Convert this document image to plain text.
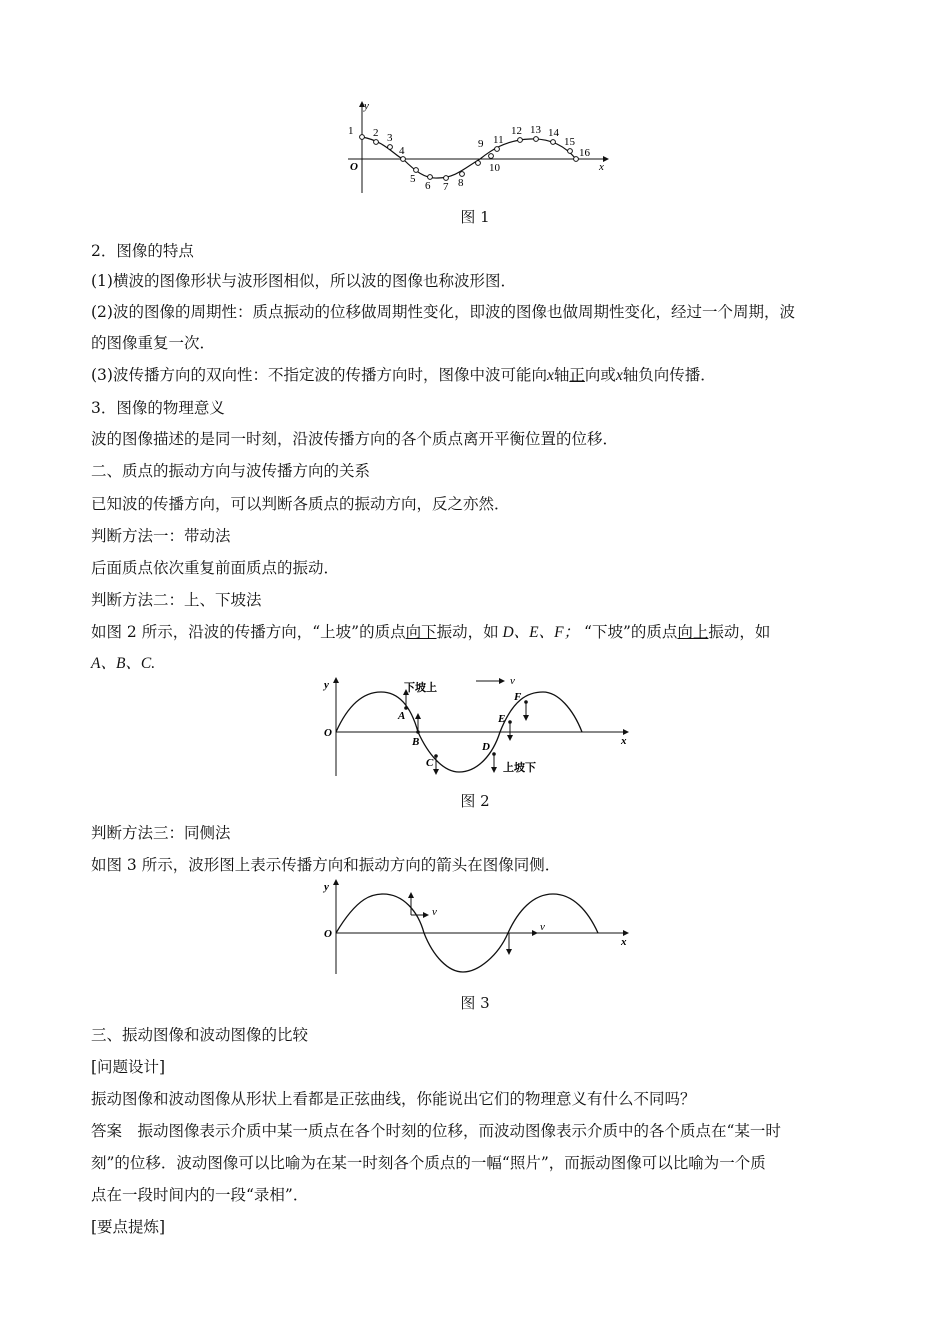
y
x
O
1 2 3
4
5
6 7 8
9
10
11
12 13 14
15
16
图 1
2．图像的特点
(1)横波的图像形状与波形图相似，所以波的图像也称波形图．
(2)波的图像的周期性：质点振动的位移做周期性变化，即波的图像也做周期性变化，经过一个周期，波
的图像重复一次．
(3)波传播方向的双向性：不指定波的传播方向时，图像中波可能向x轴正向或x轴负向传播．
3．图像的物理意义
波的图像描述的是同一时刻，沿波传播方向的各个质点离开平衡位置的位移．
二、质点的振动方向与波传播方向的关系
已知波的传播方向，可以判断各质点的振动方向，反之亦然．
判断方法一：带动法
后面质点依次重复前面质点的振动．
判断方法二：上、下坡法
如图 2 所示，沿波的传播方向，“上坡”的质点向下振动，如 D、E、F； “下坡”的质点向上振动，如
A、B、C.
y
x
O
v
下坡上
上坡下
A
B
C
D
E
F
图 2
判断方法三：同侧法
如图 3 所示，波形图上表示传播方向和振动方向的箭头在图像同侧．
y
x
O
v
v
图 3
三、振动图像和波动图像的比较
[问题设计]
振动图像和波动图像从形状上看都是正弦曲线，你能说出它们的物理意义有什么不同吗？
答案　振动图像表示介质中某一质点在各个时刻的位移，而波动图像表示介质中的各个质点在“某一时
刻”的位移．波动图像可以比喻为在某一时刻各个质点的一幅“照片”，而振动图像可以比喻为一个质
点在一段时间内的一段“录相”．
[要点提炼]
